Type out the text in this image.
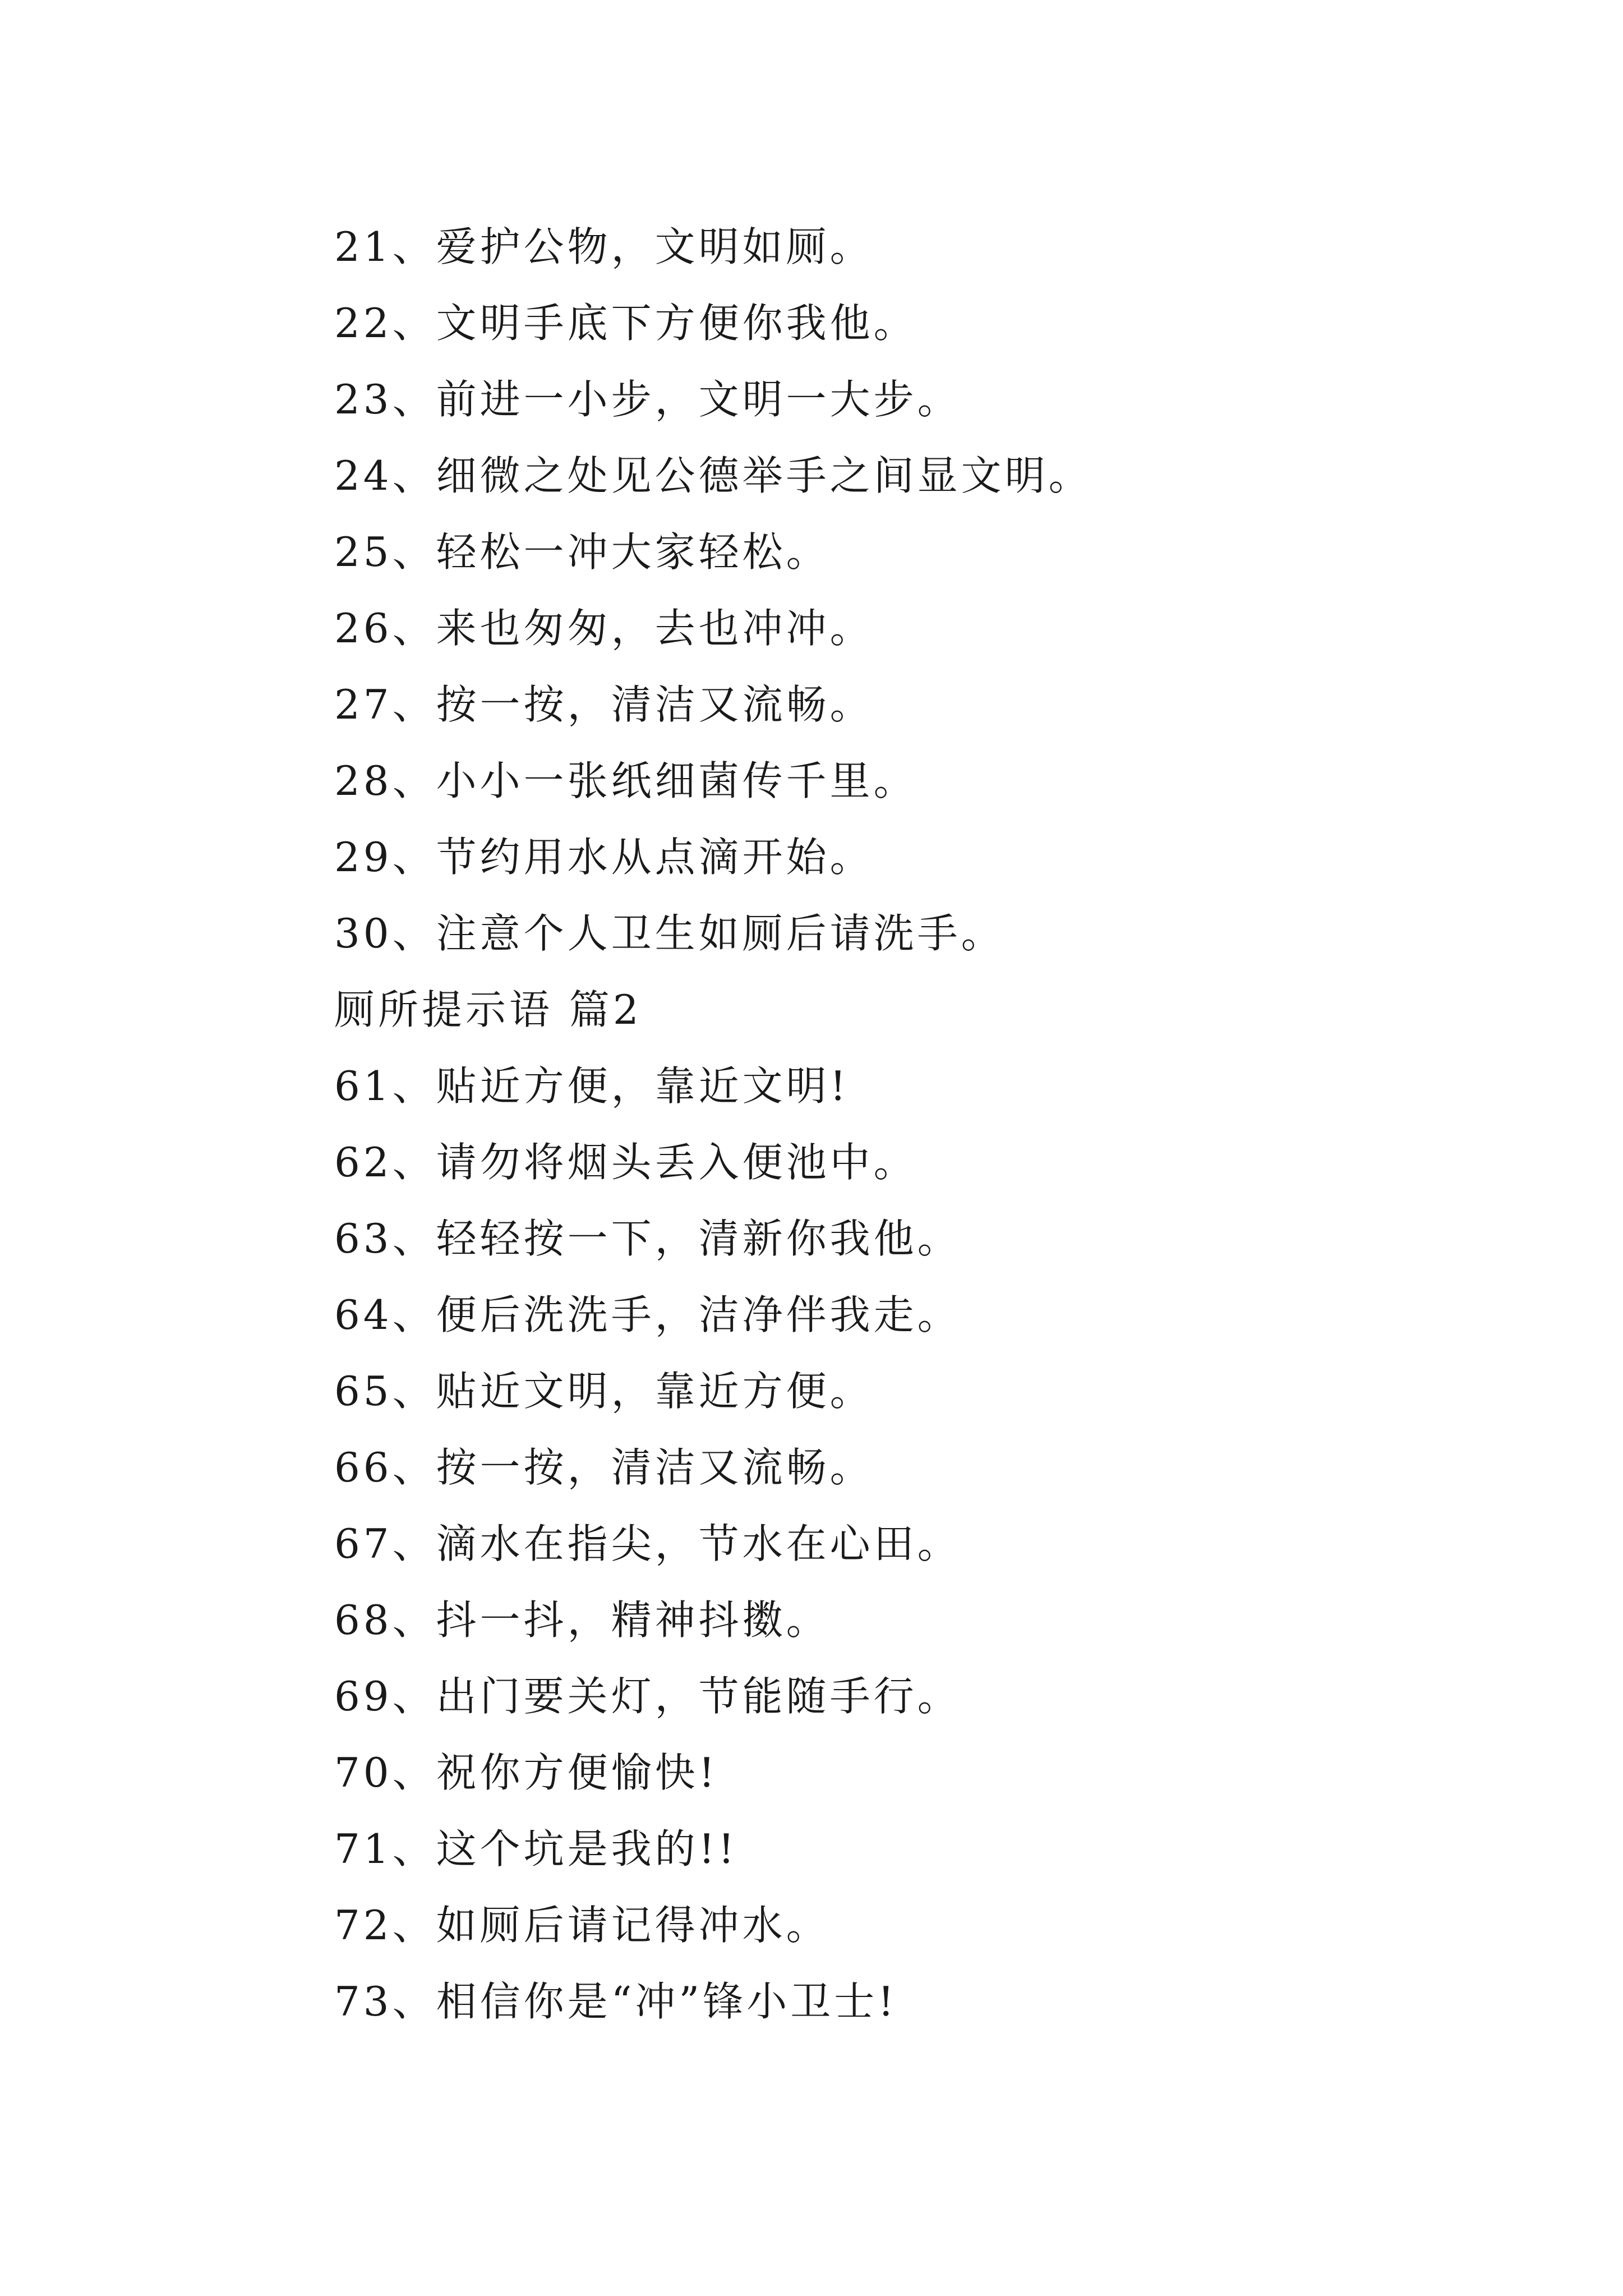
21、爱护公物，文明如厕。
22、文明手底下方便你我他。
23、前进一小步，文明一大步。
24、细微之处见公德举手之间显文明。
25、轻松一冲大家轻松。
26、来也匆匆，去也冲冲。
27、按一按，清洁又流畅。
28、小小一张纸细菌传千里。
29、节约用水从点滴开始。
30、注意个人卫生如厕后请洗手。
厕所提示语 篇2
61、贴近方便，靠近文明!
62、请勿将烟头丢入便池中。
63、轻轻按一下，清新你我他。
64、便后洗洗手，洁净伴我走。
65、贴近文明，靠近方便。
66、按一按，清洁又流畅。
67、滴水在指尖，节水在心田。
68、抖一抖，精神抖擞。
69、出门要关灯，节能随手行。
70、祝你方便愉快!
71、这个坑是我的!!
72、如厕后请记得冲水。
73、相信你是“冲”锋小卫士!
